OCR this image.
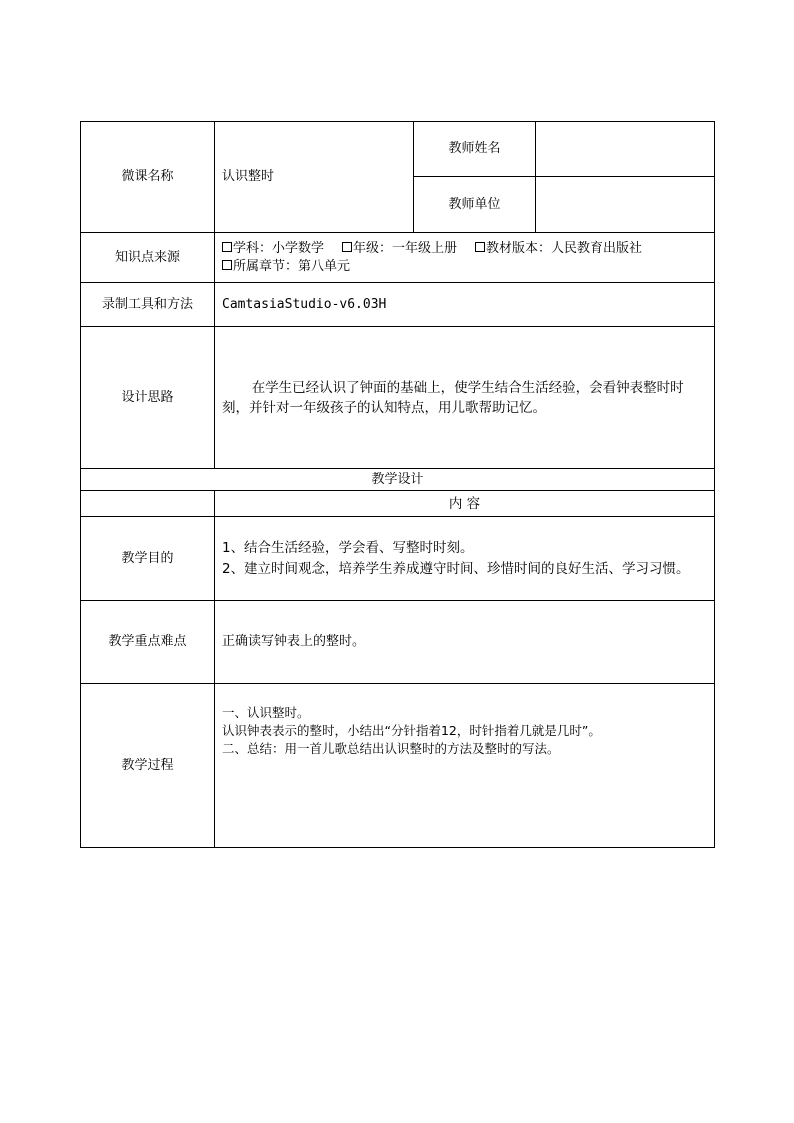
微课名称	认识整时	教师姓名	
		教师单位	
知识点来源	学科：小学数学 年级：一年级上册 教材版本：人民教育出版社
所属章节：第八单元		

录制工具和方法	CamtasiaStudio-v6.03H		
设计思路	在学生已经认识了钟面的基础上，使学生结合生活经验，会看钟表整时时刻，并针对一年级孩子的认知特点，用儿歌帮助记忆。		

教学设计			
	内 容		
教学目的	1、 结合生活经验，学会看、写整时时刻。
2、 建立时间观念，培养学生养成遵守时间、珍惜时间的良好生活、学习习惯。		

教学重点难点	正确读写钟表上的整时。		
教学过程	一、认识整时。
认识钟表表示的整时，小结出“分针指着12，时针指着几就是几时”。
二、总结：用一首儿歌总结出认识整时的方法及整时的写法。		
